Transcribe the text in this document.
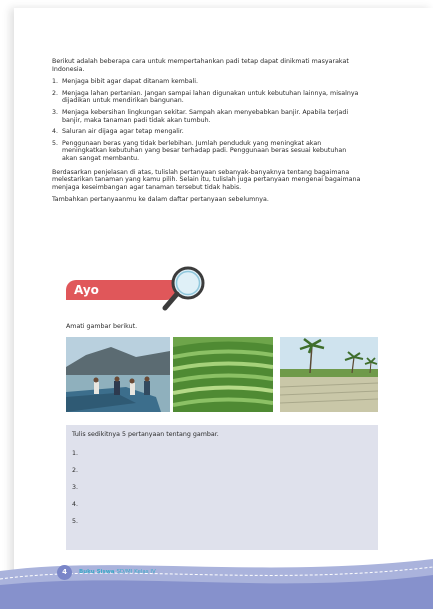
Berikut adalah beberapa cara untuk mempertahankan padi tetap dapat dinikmati masyarakat Indonesia.

1. Menjaga bibit agar dapat ditanam kembali.
2. Menjaga lahan pertanian. Jangan sampai lahan digunakan untuk kebutuhan lainnya, misalnya dijadikan untuk mendirikan bangunan.
3. Menjaga kebersihan lingkungan sekitar. Sampah akan menyebabkan banjir. Apabila terjadi banjir, maka tanaman padi tidak akan tumbuh.
4. Saluran air dijaga agar tetap mengalir.
5. Penggunaan beras yang tidak berlebihan. Jumlah penduduk yang meningkat akan meningkatkan kebutuhan yang besar terhadap padi. Penggunaan beras sesuai kebutuhan akan sangat membantu.

Berdasarkan penjelasan di atas, tulislah pertanyaan sebanyak-banyaknya tentang bagaimana melestarikan tanaman yang kamu pilih. Selain itu, tulislah juga pertanyaan mengenai bagaimana menjaga keseimbangan agar tanaman tersebut tidak habis.

Tambahkan pertanyaanmu ke dalam daftar pertanyaan sebelumnya.

Ayo Mengamati
Amati gambar berikut.
Tulis sedikitnya 5 pertanyaan tentang gambar.
1.
2.
3.
4.
5.
4	Buku Siswa SD/MI Kelas IV
